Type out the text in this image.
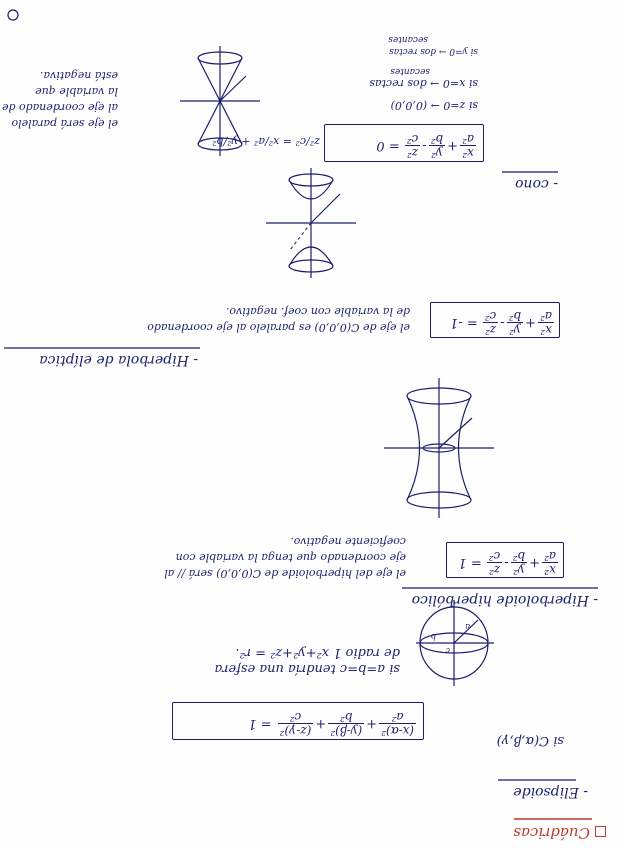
Cuádricas
- Elipsoide
si C(α,β,γ)
(x-α)²
a²
+
(y-β)²
b²
+
(z-γ)²
c²
= 1
c
b
a
si a=b=c tendría una esfera
de radio 1 x²+y²+z² = r².
- Hiperboloide hiperbólico
x²
a²
+
y²
b²
-
z²
c²
= 1
el eje del hiperboloide de C(0,0,0) será // al
eje coordenado que tenga la variable con
coeficiente negativo.
- Hiperbola de elíptica
x²
a²
+
y²
b²
-
z²
c²
= -1
el eje de C(0,0,0) es paralelo al eje coordenado
de la variable con coef. negativo.
- cono
x²
a²
+
y²
b²
-
z²
c²
= 0
z²/c² = x²/a² + y²/b²
el eje será paralelo
al eje coordenado de
la variable que
está negativa.
si z=0 → (0,0,0)
si x=0 → dos rectas
secantes
si y=0 → dos rectas
secantes
